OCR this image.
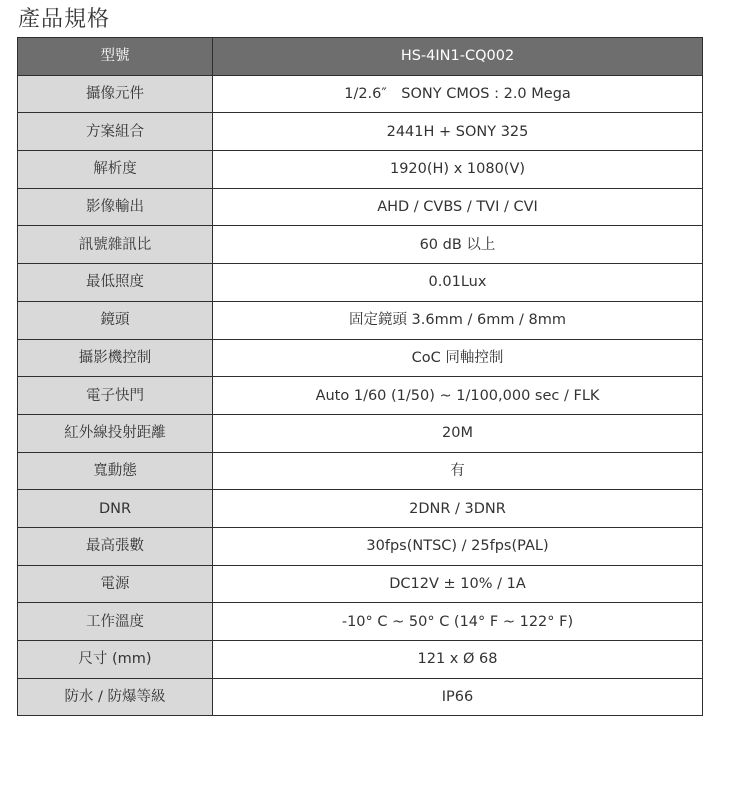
產品規格
型號	HS-4IN1-CQ002
攝像元件	1/2.6″　SONY CMOS : 2.0 Mega
方案組合	2441H + SONY 325
解析度	1920(H) x 1080(V)
影像輸出	AHD / CVBS / TVI / CVI
訊號雜訊比	60 dB 以上
最低照度	0.01Lux
鏡頭	固定鏡頭 3.6mm / 6mm / 8mm
攝影機控制	CoC 同軸控制
電子快門	Auto 1/60 (1/50) ~ 1/100,000 sec / FLK
紅外線投射距離	20M
寬動態	有
DNR	2DNR / 3DNR
最高張數	30fps(NTSC) / 25fps(PAL)
電源	DC12V ± 10% / 1A
工作溫度	-10° C ~ 50° C (14° F ~ 122° F)
尺寸 (mm)	121 x Ø 68
防水 / 防爆等級	IP66
